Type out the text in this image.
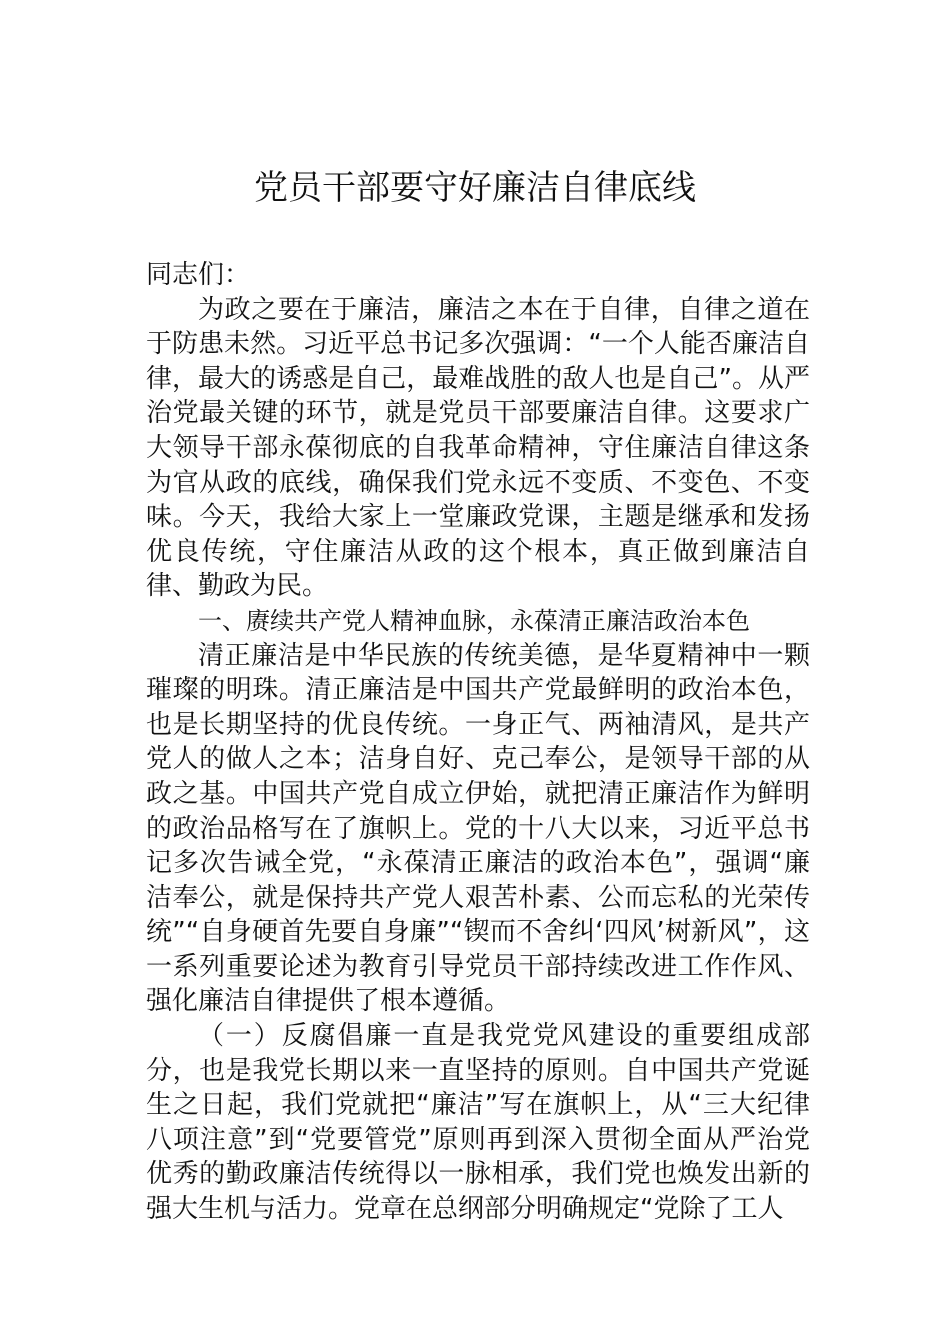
党员干部要守好廉洁自律底线

同志们：

为政之要在于廉洁，廉洁之本在于自律，自律之道在于防患未然。习近平总书记多次强调：“一个人能否廉洁自律，最大的诱惑是自己，最难战胜的敌人也是自己”。从严治党最关键的环节，就是党员干部要廉洁自律。这要求广大领导干部永葆彻底的自我革命精神，守住廉洁自律这条为官从政的底线，确保我们党永远不变质、不变色、不变味。今天，我给大家上一堂廉政党课，主题是继承和发扬优良传统，守住廉洁从政的这个根本，真正做到廉洁自律、勤政为民。

一、赓续共产党人精神血脉，永葆清正廉洁政治本色

清正廉洁是中华民族的传统美德，是华夏精神中一颗璀璨的明珠。清正廉洁是中国共产党最鲜明的政治本色，也是长期坚持的优良传统。一身正气、两袖清风，是共产党人的做人之本；洁身自好、克己奉公，是领导干部的从政之基。中国共产党自成立伊始，就把清正廉洁作为鲜明的政治品格写在了旗帜上。党的十八大以来，习近平总书记多次告诫全党，“永葆清正廉洁的政治本色”，强调“廉洁奉公，就是保持共产党人艰苦朴素、公而忘私的光荣传统”“自身硬首先要自身廉”“锲而不舍纠‘四风’树新风”，这一系列重要论述为教育引导党员干部持续改进工作作风、强化廉洁自律提供了根本遵循。

（一）反腐倡廉一直是我党党风建设的重要组成部分，也是我党长期以来一直坚持的原则。自中国共产党诞生之日起，我们党就把“廉洁”写在旗帜上，从“三大纪律八项注意”到“党要管党”原则再到深入贯彻全面从严治党优秀的勤政廉洁传统得以一脉相承，我们党也焕发出新的强大生机与活力。党章在总纲部分明确规定“党除了工人
